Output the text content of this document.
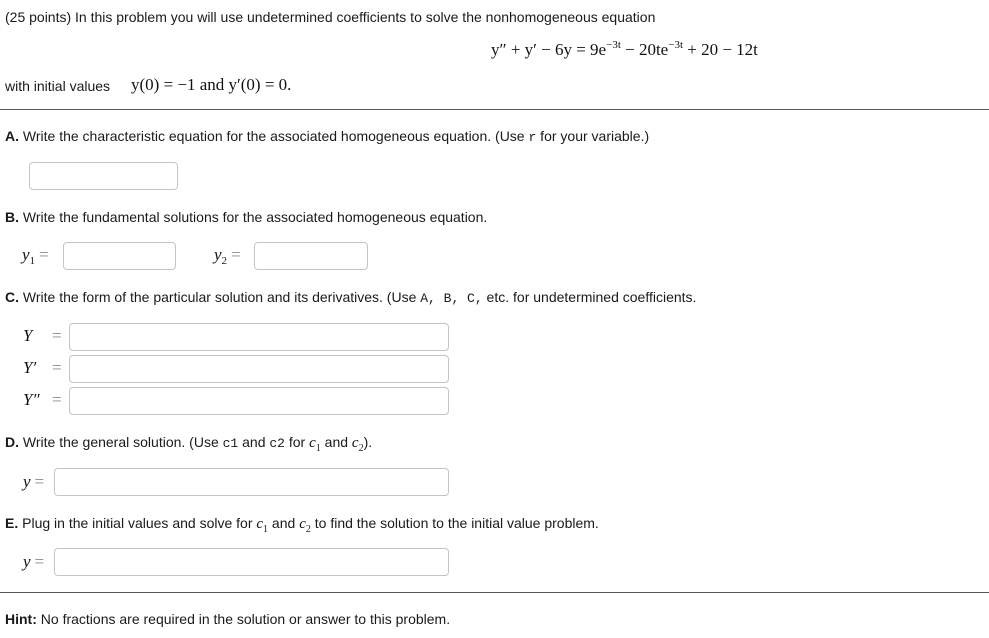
(25 points) In this problem you will use undetermined coefficients to solve the nonhomogeneous equation
$y'' + y' - 6y = 9e^{-3t} - 20te^{-3t} + 20 - 12t$
with initial values y(0) = −1 and y′(0) = 0.
A. Write the characteristic equation for the associated homogeneous equation. (Use r for your variable.)
B. Write the fundamental solutions for the associated homogeneous equation.
$y_1$ =	$y_2$ =
C. Write the form of the particular solution and its derivatives. (Use A, B, C, etc. for undetermined coefficients.
Y =
Y′ =
Y″ =
D. Write the general solution. (Use c1 and c2 for $c_1$ and $c_2$).
y =
E. Plug in the initial values and solve for $c_1$ and $c_2$ to find the solution to the initial value problem.
y =
Hint: No fractions are required in the solution or answer to this problem.
